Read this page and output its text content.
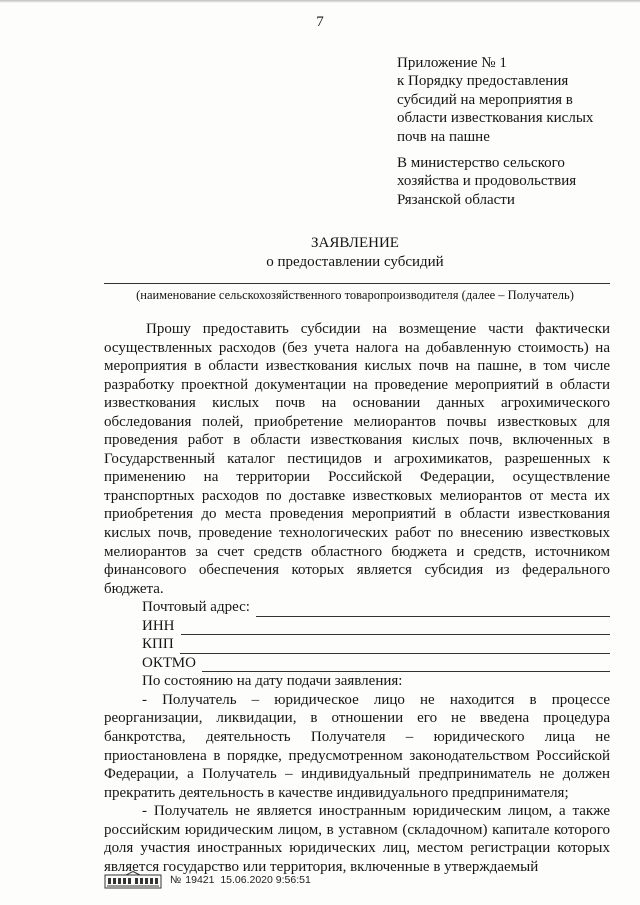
7
Приложение № 1
к Порядку предоставления
субсидий на мероприятия в
области известкования кислых
почв на пашне
В министерство сельского
хозяйства и продовольствия
Рязанской области
ЗАЯВЛЕНИЕ
о предоставлении субсидий
(наименование сельскохозяйственного товаропроизводителя (далее – Получатель)

Прошу предоставить субсидии на возмещение части фактически осуществленных расходов (без учета налога на добавленную стоимость) на мероприятия в области известкования кислых почв на пашне, в том числе разработку проектной документации на проведение мероприятий в области известкования кислых почв на основании данных агрохимического обследования полей, приобретение мелиорантов почвы известковых для проведения работ в области известкования кислых почв, включенных в Государственный каталог пестицидов и агрохимикатов, разрешенных к применению на территории Российской Федерации, осуществление транспортных расходов по доставке известковых мелиорантов от места их приобретения до места проведения мероприятий в области известкования кислых почв, проведение технологических работ по внесению известковых мелиорантов за счет средств областного бюджета и средств, источником финансового обеспечения которых является субсидия из федерального бюджета.

Почтовый адрес:
ИНН
КПП
ОКТМО

По состоянию на дату подачи заявления:

- Получатель – юридическое лицо не находится в процессе реорганизации, ликвидации, в отношении его не введена процедура банкротства, деятельность Получателя – юридического лица не приостановлена в порядке, предусмотренном законодательством Российской Федерации, а Получатель – индивидуальный предприниматель не должен прекратить деятельность в качестве индивидуального предпринимателя;

- Получатель не является иностранным юридическим лицом, а также российским юридическим лицом, в уставном (складочном) капитале которого доля участия иностранных юридических лиц, местом регистрации которых является государство или территория, включенные в утверждаемый

№ 19421
15.06.2020 9:56:51
